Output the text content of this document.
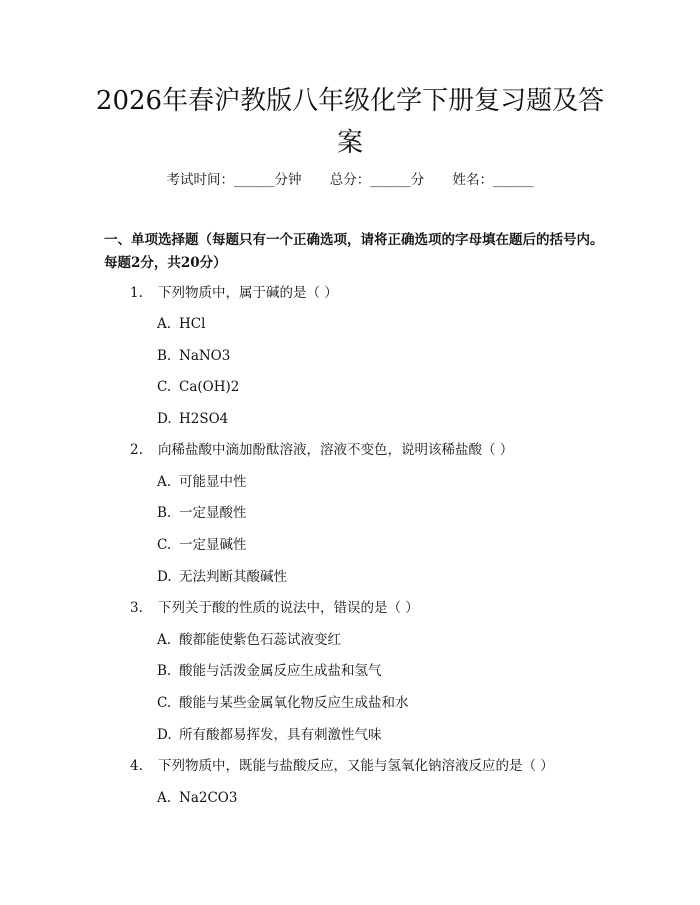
2026年春沪教版八年级化学下册复习题及答案
考试时间：______分钟 总分：______分 姓名：______

一、单项选择题（每题只有一个正确选项，请将正确选项的字母填在题后的括号内。每题2分，共20分）

1. 下列物质中，属于碱的是（ ）
A. HCl
B. NaNO3
C. Ca(OH)2
D. H2SO4
2. 向稀盐酸中滴加酚酞溶液，溶液不变色，说明该稀盐酸（ ）
A. 可能显中性
B. 一定显酸性
C. 一定显碱性
D. 无法判断其酸碱性
3. 下列关于酸的性质的说法中，错误的是（ ）
A. 酸都能使紫色石蕊试液变红
B. 酸能与活泼金属反应生成盐和氢气
C. 酸能与某些金属氧化物反应生成盐和水
D. 所有酸都易挥发，具有刺激性气味
4. 下列物质中，既能与盐酸反应，又能与氢氧化钠溶液反应的是（ ）
A. Na2CO3
